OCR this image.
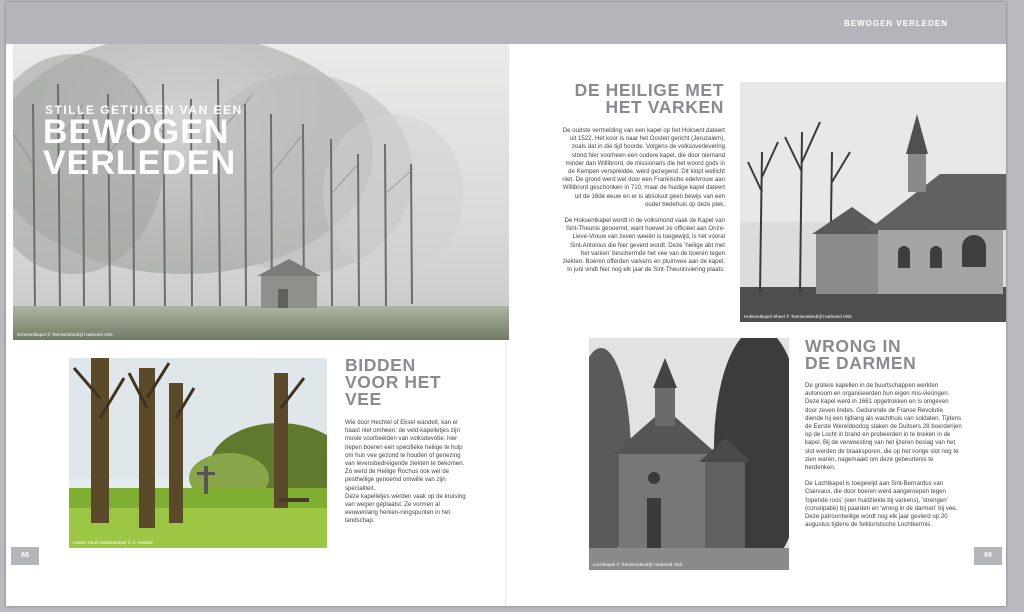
BEWOGEN VERLEDEN
Scherselkapel © Toerismebedrijf Harbeeld Visit
STILLE GETUIGEN VAN EEN
BEWOGEN
VERLEDEN
DE HEILIGE MET
HET VARKEN

De oudste vermelding van een kapel op het Hoksent dateert uit 1522. Het koor is naar het Oosten gericht (Jeruzalem), zoals dat in die tijd hoorde. Volgens de volksoverlevering stond hier voorheen een oudere kapel, die door niemand minder dan Willibrord, de missionaris die het woord gods in de Kempen verspreidde, werd gezegend. Dit klopt wellicht niet. De grond werd wel door een Frankische edelvrouw aan Willibrord geschonken in 710, maar de huidige kapel dateert uit de 16de eeuw en er is absoluut geen bewijs van een ouder bedehuis op deze plek.

De Hoksentkapel wordt in de volksmond vaak de Kapel van Sint-Theunis genoemd, want hoewel ze officieel aan Onze-Lieve-Vrouw van zeven weeën is toegewijd, is het vooral Sint-Antonius die hier geverd wordt. Deze 'heilige abt met het varken' beschermde het vee van de boeren tegen ziekten. Boeren offerden varkens en pluimvee aan de kapel. In juni vindt hier nog elk jaar de Sint-Theunisviering plaats.

Hoksentkapel Sheel © Toerismebedrijf Harbeeld Visit
Linden rond Hoksentkapel © V. Vesthel
BIDDEN
VOOR HET
VEE

Wie door Hechtel of Eksel wandelt, kan er haast niet omheen: de veld-kapelletjes zijn mooie voorbeelden van volksdevotie: hier riepen boeren een specifieke heilige te hulp om hun vee gezond te houden of genezing van levensbedreigende ziekten te bekomen. Zo werd de Heilige Rochus ook wel de pestheilige genoemd omwille van zijn specialiteit.

Deze kapelletjes werden vaak op de kruising van wegen geplaatst. Ze vormen al eeuwenlang herken-ningspunten in het landschap.

Lochtkapel © Toerismebedrijf Harbeeld Visit
WRONG IN
DE DARMEN

De grotere kapellen in de buurtschappen werkten autonoom en organiseerden hun eigen mis-vieringen. Deze kapel werd in 1661 opgetrokken en is omgeven door zeven lindes. Gedurende de Franse Revolutie diende hij een tijdlang als wachthuis van soldaten. Tijdens de Eerste Wereldoorlog staken de Duitsers 28 boerderijen op de Locht in brand en probeerden in te breken in de kapel. Bij de verwoesting van het ijzeren beslag van het slot werden de braaksporen, die op het vorige slot nog te zien waren, nagemaakt om deze gebeurtenis te herdenken.

De Lochtkapel is toegewijd aan Sint-Bernardus van Clairvaux, die door boeren werd aangeroepen tegen 'lopende roos' (een huidziekte bij varkens), 'strengen' (constipatie) bij paarden en 'wrong in de darmen' bij vee. Deze patroonheilige wordt nog elk jaar gevierd op 20 augustus tijdens de folkloristische Lochtkermis.

68	69
